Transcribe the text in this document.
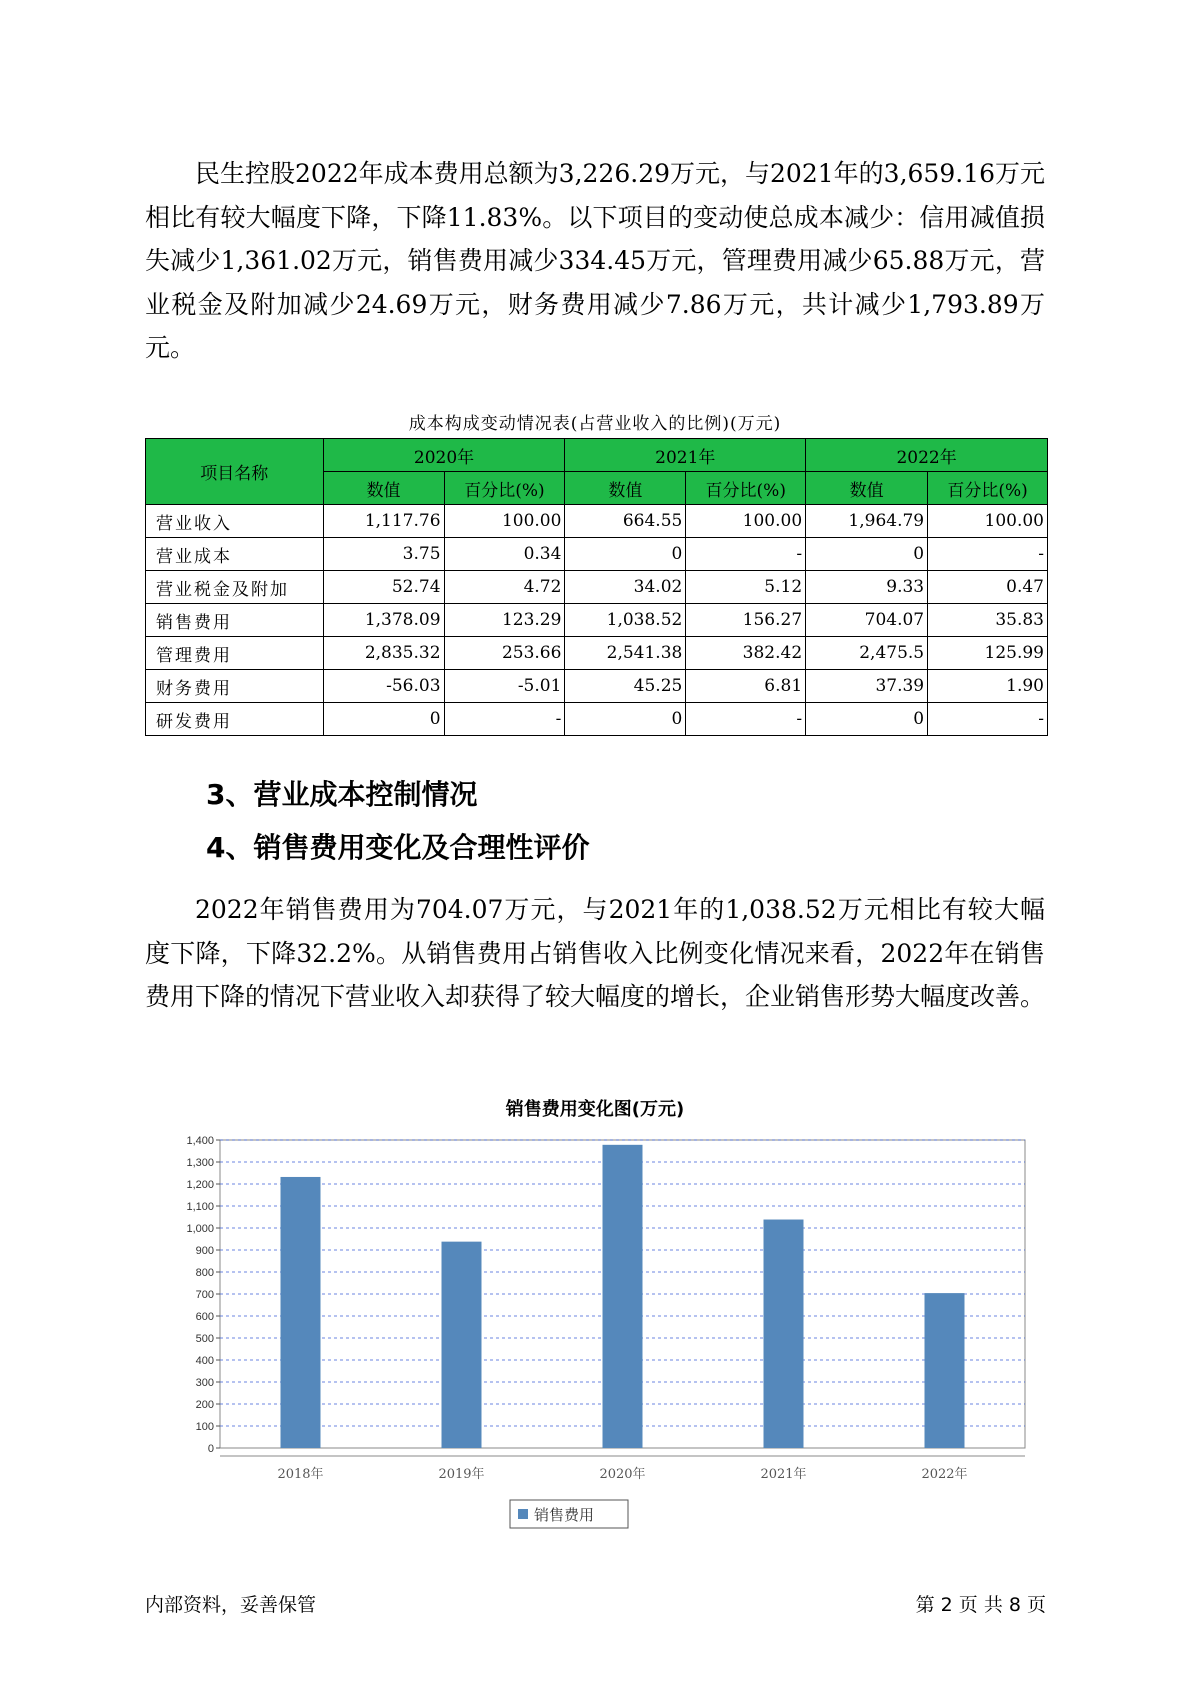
民生控股2022年成本费用总额为3,226.29万元，与2021年的3,659.16万元相比有较大幅度下降，下降11.83%。以下项目的变动使总成本减少：信用减值损失减少1,361.02万元，销售费用减少334.45万元，管理费用减少65.88万元，营业税金及附加减少24.69万元，财务费用减少7.86万元，共计减少1,793.89万元。

成本构成变动情况表(占营业收入的比例)(万元)
项目名称	2020年		2021年		2022年	
	数值	百分比(%)	数值	百分比(%)	数值	百分比(%)
营业收入	1,117.76	100.00	664.55	100.00	1,964.79	100.00
营业成本	3.75	0.34	0	-	0	-
营业税金及附加	52.74	4.72	34.02	5.12	9.33	0.47
销售费用	1,378.09	123.29	1,038.52	156.27	704.07	35.83
管理费用	2,835.32	253.66	2,541.38	382.42	2,475.5	125.99
财务费用	-56.03	-5.01	45.25	6.81	37.39	1.90
研发费用	0	-	0	-	0	-
3、营业成本控制情况
4、销售费用变化及合理性评价

2022年销售费用为704.07万元，与2021年的1,038.52万元相比有较大幅度下降，下降32.2%。从销售费用占销售收入比例变化情况来看，2022年在销售费用下降的情况下营业收入却获得了较大幅度的增长，企业销售形势大幅度改善。

销售费用变化图(万元)
0
100
200
300
400
500
600
700
800
900
1,000
1,100
1,200
1,300
1,400
2018年	2019年	2020年	2021年	2022年
销售费用
内部资料，妥善保管	第 2 页 共 8 页
